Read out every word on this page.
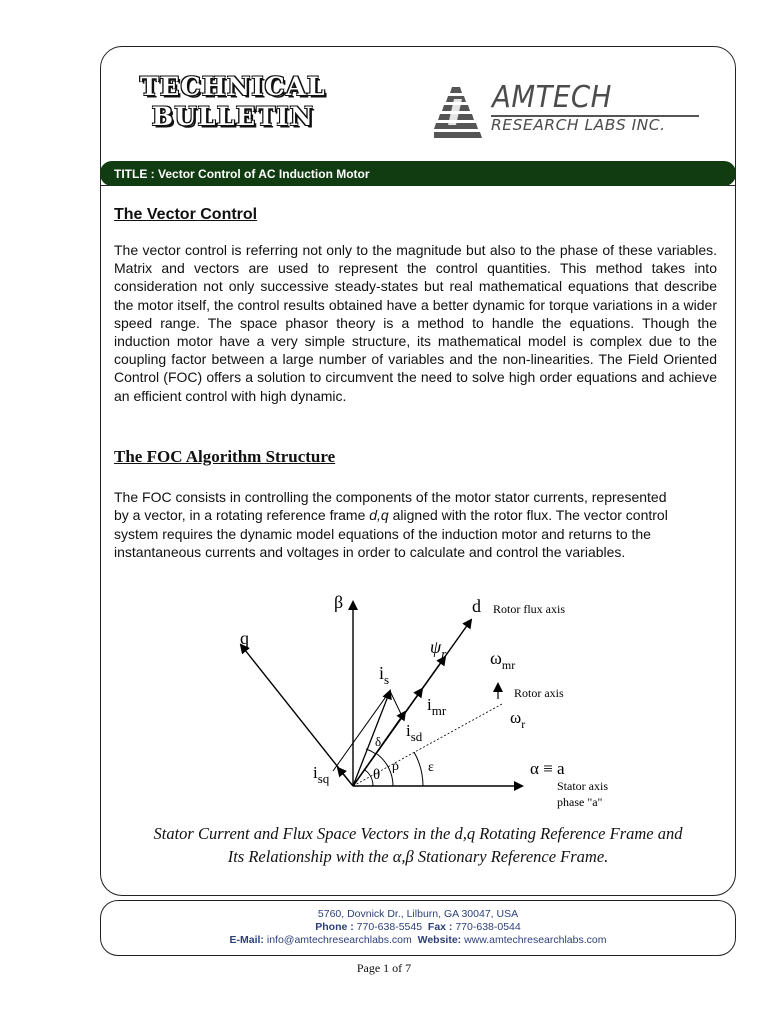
TECHNICAL
BULLETIN
AMTECH
RESEARCH LABS INC.
TITLE :
Vector Control of AC Induction Motor
The Vector Control
The vector control is referring not only to the magnitude but also to the phase of these variables. Matrix and vectors are used to represent the control quantities. This method takes into consideration not only successive steady-states but real mathematical equations that describe the motor itself, the control results obtained have a better dynamic for torque variations in a wider speed range. The space phasor theory is a method to handle the equations. Though the induction motor have a very simple structure, its mathematical model is complex due to the coupling factor between a large number of variables and the non-linearities. The Field Oriented Control (FOC) offers a solution to circumvent the need to solve high order equations and achieve an efficient control with high dynamic.
The FOC Algorithm Structure
The FOC consists in controlling the components of the motor stator currents, represented by a vector, in a rotating reference frame d,q aligned with the rotor flux. The vector control system requires the dynamic model equations of the induction motor and returns to the instantaneous currents and voltages in order to calculate and control the variables.
β
q
d Rotor flux axis
$\psi_r$ $\omega_{mr}$
Rotor axis
$\omega_r$
$i_s$
$i_{mr}$
$i_{sd}$
$i_{sq}$
δ
θ
ρ ε	α ≡ a
Stator axis
phase "a"
Stator Current and Flux Space Vectors in the d,q Rotating Reference Frame and
Its Relationship with the α,β Stationary Reference Frame.
5760, Dovnick Dr., Lilburn, GA 30047, USA
Phone : 770-638-5545 Fax : 770-638-0544
E-Mail: info@amtechresearchlabs.com Website: www.amtechresearchlabs.com
Page 1 of 7
